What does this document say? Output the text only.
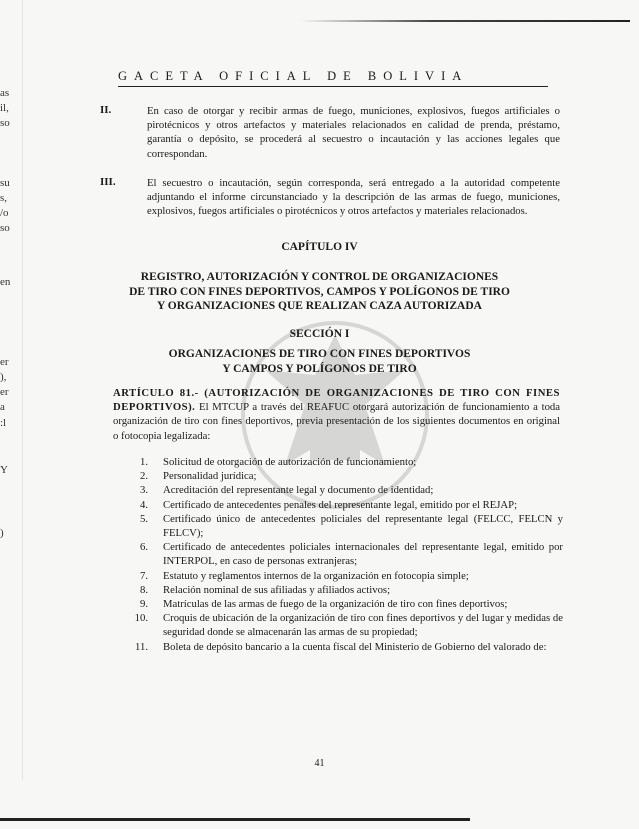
as
il,
so
su
s,
/o
so
en
er
),
er
a
:l
Y
)
GACETA OFICIAL DE BOLIVIA
II.	En caso de otorgar y recibir armas de fuego, municiones, explosivos, fuegos artificiales o pirotécnicos y otros artefactos y materiales relacionados en calidad de prenda, préstamo, garantía o depósito, se procederá al secuestro o incautación y las acciones legales que correspondan.
III.	El secuestro o incautación, según corresponda, será entregado a la autoridad competente adjuntando el informe circunstanciado y la descripción de las armas de fuego, municiones, explosivos, fuegos artificiales o pirotécnicos y otros artefactos y materiales relacionados.
CAPÍTULO IV
REGISTRO, AUTORIZACIÓN Y CONTROL DE ORGANIZACIONES
DE TIRO CON FINES DEPORTIVOS, CAMPOS Y POLÍGONOS DE TIRO
Y ORGANIZACIONES QUE REALIZAN CAZA AUTORIZADA
SECCIÓN I
ORGANIZACIONES DE TIRO CON FINES DEPORTIVOS
Y CAMPOS Y POLÍGONOS DE TIRO
ARTÍCULO 81.- (AUTORIZACIÓN DE ORGANIZACIONES DE TIRO CON FINES DEPORTIVOS). El MTCUP a través del REAFUC otorgará autorización de funcionamiento a toda organización de tiro con fines deportivos, previa presentación de los siguientes documentos en original o fotocopia legalizada:
1. Solicitud de otorgación de autorización de funcionamiento;
2. Personalidad jurídica;
3. Acreditación del representante legal y documento de identidad;
4. Certificado de antecedentes penales del representante legal, emitido por el REJAP;
5. Certificado único de antecedentes policiales del representante legal (FELCC, FELCN y FELCV);
6. Certificado de antecedentes policiales internacionales del representante legal, emitido por INTERPOL, en caso de personas extranjeras;
7. Estatuto y reglamentos internos de la organización en fotocopia simple;
8. Relación nominal de sus afiliadas y afiliados activos;
9. Matrículas de las armas de fuego de la organización de tiro con fines deportivos;
10. Croquis de ubicación de la organización de tiro con fines deportivos y del lugar y medidas de seguridad donde se almacenarán las armas de su propiedad;
11. Boleta de depósito bancario a la cuenta fiscal del Ministerio de Gobierno del valorado de:
41
